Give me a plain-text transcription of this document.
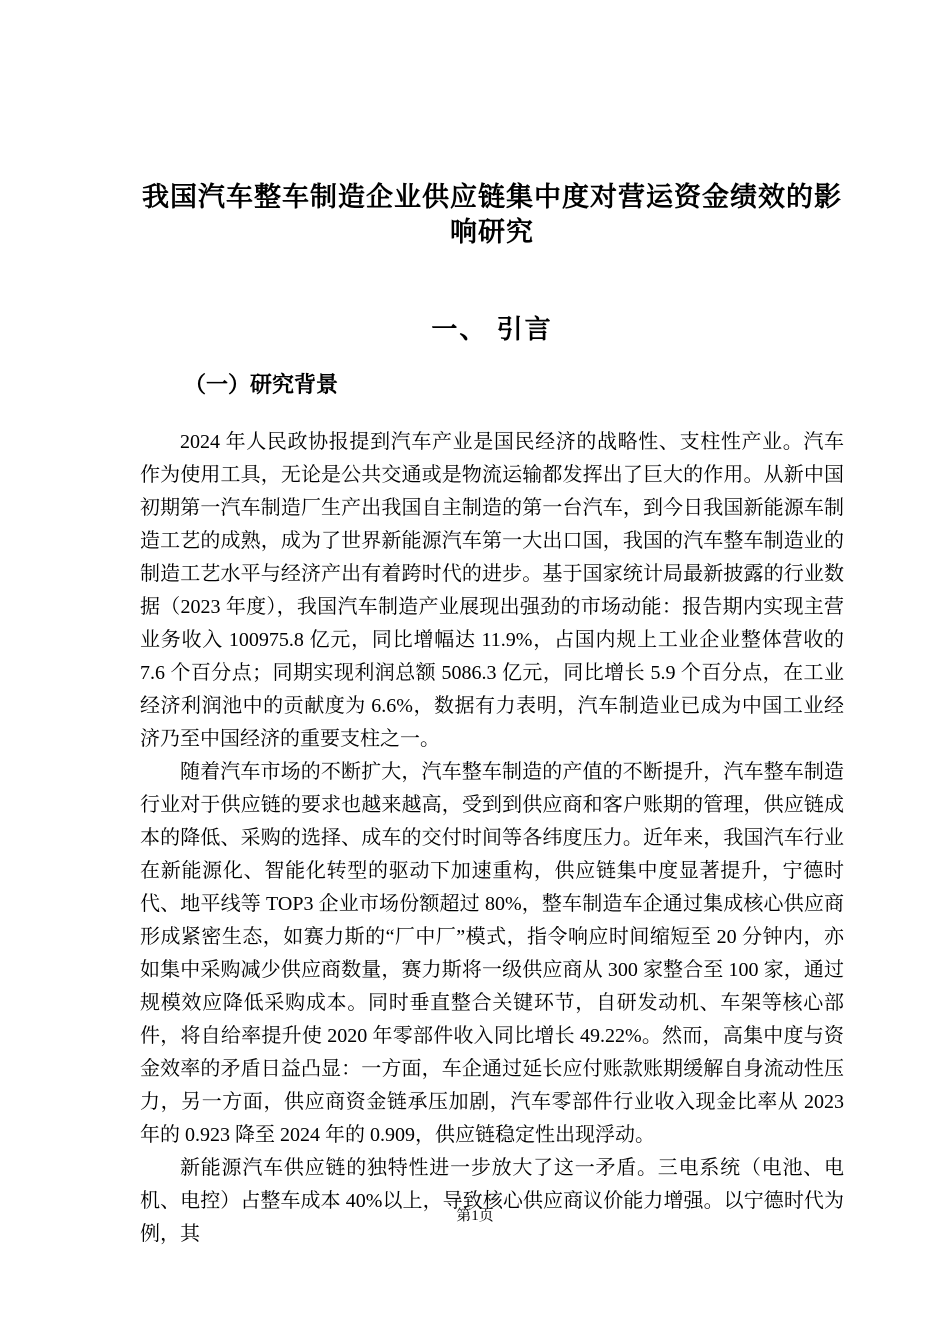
我国汽车整车制造企业供应链集中度对营运资金绩效的影响研究
一、 引言
（一）研究背景

2024 年人民政协报提到汽车产业是国民经济的战略性、支柱性产业。汽车作为使用工具，无论是公共交通或是物流运输都发挥出了巨大的作用。从新中国初期第一汽车制造厂生产出我国自主制造的第一台汽车，到今日我国新能源车制造工艺的成熟，成为了世界新能源汽车第一大出口国，我国的汽车整车制造业的制造工艺水平与经济产出有着跨时代的进步。基于国家统计局最新披露的行业数据（2023 年度），我国汽车制造产业展现出强劲的市场动能：报告期内实现主营业务收入 100975.8 亿元，同比增幅达 11.9%，占国内规上工业企业整体营收的 7.6 个百分点；同期实现利润总额 5086.3 亿元，同比增长 5.9 个百分点，在工业经济利润池中的贡献度为 6.6%，数据有力表明，汽车制造业已成为中国工业经济乃至中国经济的重要支柱之一。

随着汽车市场的不断扩大，汽车整车制造的产值的不断提升，汽车整车制造行业对于供应链的要求也越来越高，受到到供应商和客户账期的管理，供应链成本的降低、采购的选择、成车的交付时间等各纬度压力。近年来，我国汽车行业在新能源化、智能化转型的驱动下加速重构，供应链集中度显著提升，宁德时代、地平线等 TOP3 企业市场份额超过 80%，整车制造车企通过集成核心供应商形成紧密生态，如赛力斯的“厂中厂”模式，指令响应时间缩短至 20 分钟内，亦如集中采购减少供应商数量，赛力斯将一级供应商从 300 家整合至 100 家，通过规模效应降低采购成本。同时垂直整合关键环节，自研发动机、车架等核心部件，将自给率提升使 2020 年零部件收入同比增长 49.22%。然而，高集中度与资金效率的矛盾日益凸显：一方面，车企通过延长应付账款账期缓解自身流动性压力，另一方面，供应商资金链承压加剧，汽车零部件行业收入现金比率从 2023 年的 0.923 降至 2024 年的 0.909，供应链稳定性出现浮动。

新能源汽车供应链的独特性进一步放大了这一矛盾。三电系统（电池、电机、电控）占整车成本 40%以上，导致核心供应商议价能力增强。以宁德时代为例，其

第1页
